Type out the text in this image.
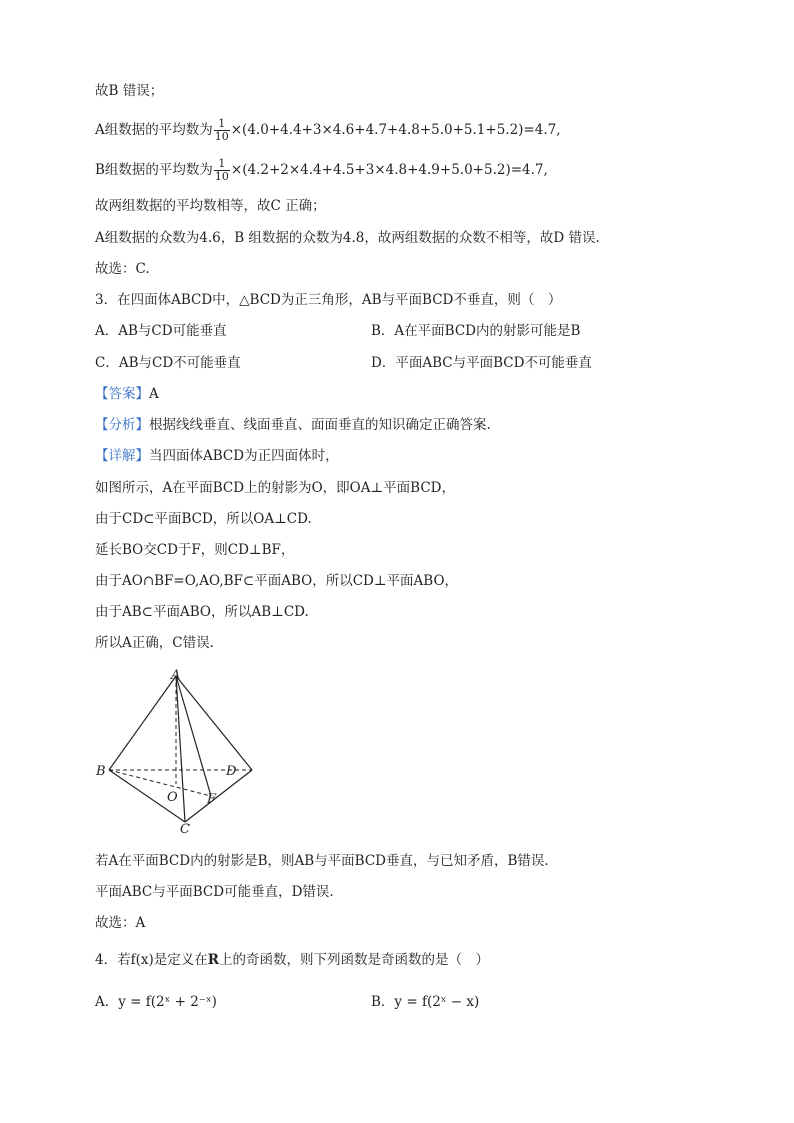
故B 错误；
A组数据的平均数为 $\frac{1}{10} \times(4.0+4.4+3\times 4.6+4.7+4.8+5.0+5.1+5.2)=4.7$,
B组数据的平均数为 $\frac{1}{10} \times(4.2+2\times 4.4+4.5+3\times 4.8+4.9+5.0+5.2)=4.7$,
故两组数据的平均数相等，故C 正确；
A组数据的众数为4.6，B 组数据的众数为4.8，故两组数据的众数不相等，故D 错误.
故选：C.
3．在四面体ABCD中，△BCD为正三角形，AB与平面BCD不垂直，则（　）
A．AB与CD可能垂直	B．A在平面BCD内的射影可能是B
C．AB与CD不可能垂直	D．平面ABC与平面BCD不可能垂直
【答案】A
【分析】根据线线垂直、线面垂直、面面垂直的知识确定正确答案.
【详解】当四面体ABCD为正四面体时，
如图所示，A在平面BCD上的射影为O，即OA⊥平面BCD，
由于CD⊂平面BCD，所以OA⊥CD.
延长BO交CD于F，则CD⊥BF，
由于AO∩BF=O,AO,BF⊂平面ABO，所以CD⊥平面ABO，
由于AB⊂平面ABO，所以AB⊥CD.
所以A正确，C错误.
A
B	D
O F
C
若A在平面BCD内的射影是B，则AB与平面BCD垂直，与已知矛盾，B错误.
平面ABC与平面BCD可能垂直，D错误.
故选：A
4．若f(x)是定义在R上的奇函数，则下列函数是奇函数的是（　）
A．y = f(2ˣ + 2⁻ˣ)	B．y = f(2ˣ − x)
